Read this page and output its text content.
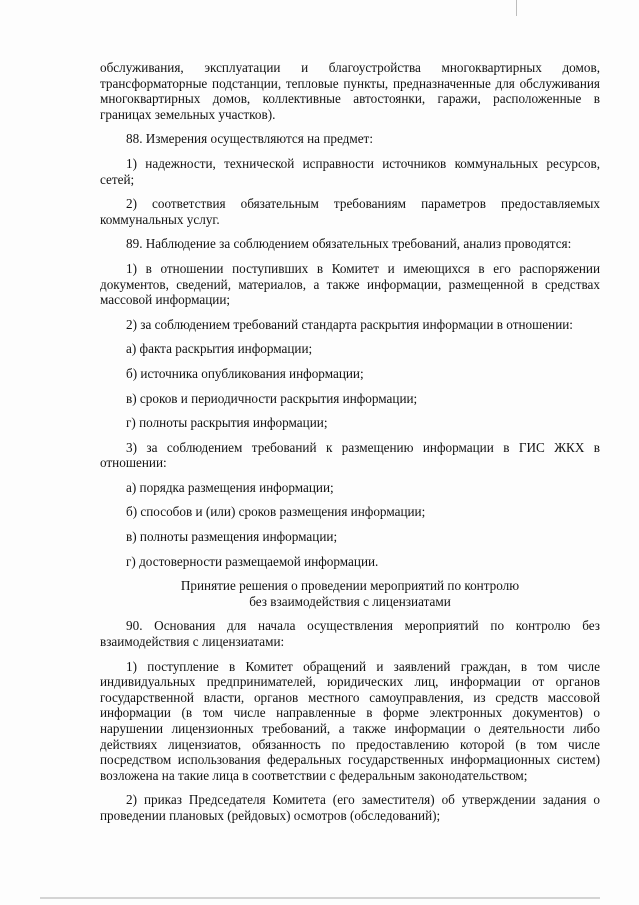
обслуживания, эксплуатации и благоустройства многоквартирных домов, трансформаторные подстанции, тепловые пункты, предназначенные для обслуживания многоквартирных домов, коллективные автостоянки, гаражи, расположенные в границах земельных участков).

88. Измерения осуществляются на предмет:

1) надежности, технической исправности источников коммунальных ресурсов, сетей;

2) соответствия обязательным требованиям параметров предоставляемых коммунальных услуг.

89. Наблюдение за соблюдением обязательных требований, анализ проводятся:

1) в отношении поступивших в Комитет и имеющихся в его распоряжении документов, сведений, материалов, а также информации, размещенной в средствах массовой информации;

2) за соблюдением требований стандарта раскрытия информации в отношении:

а) факта раскрытия информации;

б) источника опубликования информации;

в) сроков и периодичности раскрытия информации;

г) полноты раскрытия информации;

3) за соблюдением требований к размещению информации в ГИС ЖКХ в отношении:

а) порядка размещения информации;

б) способов и (или) сроков размещения информации;

в) полноты размещения информации;

г) достоверности размещаемой информации.

Принятие решения о проведении мероприятий по контролю
без взаимодействия с лицензиатами

90. Основания для начала осуществления мероприятий по контролю без взаимодействия с лицензиатами:

1) поступление в Комитет обращений и заявлений граждан, в том числе индивидуальных предпринимателей, юридических лиц, информации от органов государственной власти, органов местного самоуправления, из средств массовой информации (в том числе направленные в форме электронных документов) о нарушении лицензионных требований, а также информации о деятельности либо действиях лицензиатов, обязанность по предоставлению которой (в том числе посредством использования федеральных государственных информационных систем) возложена на такие лица в соответствии с федеральным законодательством;

2) приказ Председателя Комитета (его заместителя) об утверждении задания о проведении плановых (рейдовых) осмотров (обследований);
